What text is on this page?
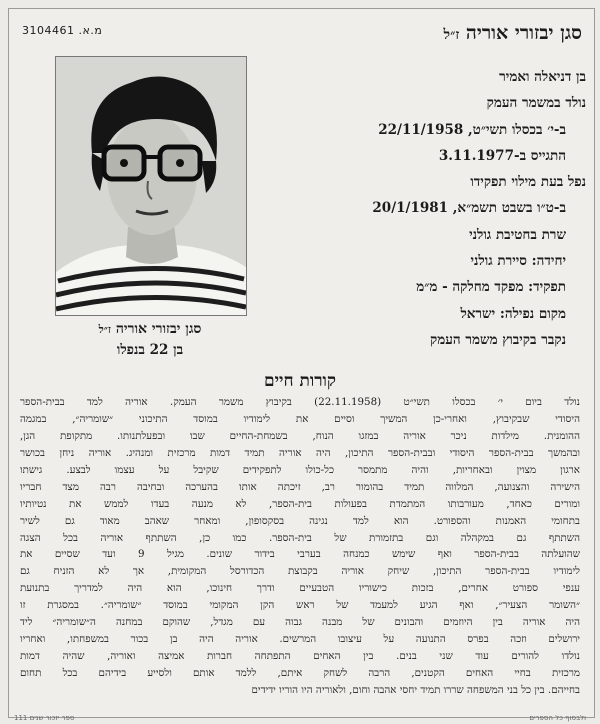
מ.א. 3104461	סגן יבזורי אוריה ז״ל
בן דניאלה ואמיר
נולד במשמר העמק
ב-י׳ בכסלו תשי״ט, 22/11/1958
התגייס ב-3.11.1977
נפל בעת מילוי תפקידו
ב-ט״ו בשבט תשמ״א, 20/1/1981
שרת בחטיבת גולני
יחידה: סיירת גולני
תפקיד: מפקד מחלקה - מ״מ
מקום נפילה: ישראל
נקבר בקיבוץ משמר העמק
סגן יבזורי אוריה ז״ל
בן 22 בנפלו
קורות חיים
נולד ביום י׳ בכסלו תשי״ט (22.11.1958) בקיבוץ משמר העמק. אוריה למד בבית-הספר
היסודי שבקיבוץ, ואחרי-כן המשיך וסיים את לימודיו במוסד התיכוני ״שומריה״, במגמה
ההומנית. מילדות ניכר אוריה במזגו הנוח, בשמחת-החיים שבו ובפעלתנותו. מתקופת הגן,
ובהמשך בבית-הספר היסודי ובבית-הספר התיכון, היה אוריה תמיד דמות מרכזית ומנהיג. אוריה ניחן בכושר
ארגון מצוין ובאחריות, והיה מתמסר כל-כולו לתפקידים שקיבל על עצמו לבצע. גישתו
הישירה והצנועה, המלווה תמיד בהומור רב, זיכתה אותו בהערכה ובחיבה רבה מצד חבריו
ומורים כאחד, מעורבותו המתמדת בפעולות בית-הספר, לא מנעה בעדו לממש את נטיותיו
בתחומי האמנות והספורט. הוא למד נגינה בסקסופון, ומאחר שאהב מאוד גם לשיר
השתתף גם במקהלה וגם בתזמורת של בית-הספר. כמו כן, השתתף אוריה בכל הצגה
שהועלתה בבית-הספר ואף שימש כמנחה בערבי בידור שונים. מגיל 9 ועד שסיים את
לימודיו בבית-הספר התיכון, שיחק אוריה בקבוצת הכדורסל המקומית, אך לא הזניח גם
ענפי ספורט אחרים, בזכות כישוריו הטבעיים ודרך חינוכו, הוא היה למדריך בתנועת
״השומר הצעיר״, ואף הגיע למעמד של ראש הקן המקומי במוסד ״שומריה״. במסגרת זו
היה אוריה בין היוזמים והבונים של מבנה גבוה עם מגדל, שהוקם במחנה ה״שומריה״ ליד
ירושלים וזכה בפרס התנועה על עיצובו המרשים. אוריה היה בן בכור במשפחתו, ואחריו
נולדו להורים עוד שני בנים. בין האחים התפתחה חברות אמיצה ואוריה, שהיה דמות
מרכזית בחיי האחים הקטנים, הרבה לשחק איתם, ללמד אותם ולסייע בידיהם בכל תחום
בחייהם. בין כל בני המשפחה שררו תמיד יחסי אהבה וחום, ולאוריה היו הוריו ידידים
ספר יזכור שנים 111	ולבסוף כל הספרים
